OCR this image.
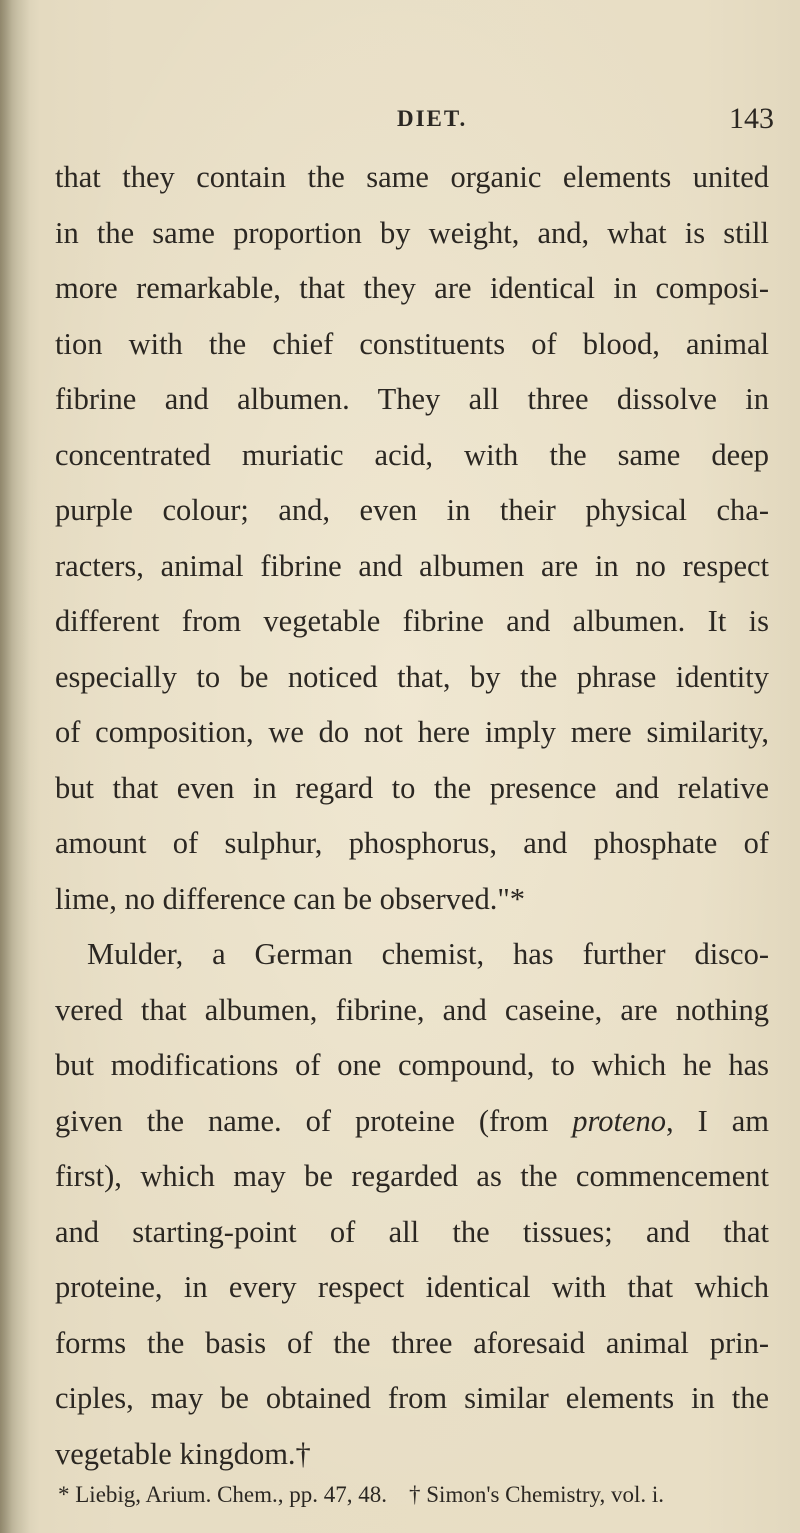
DIET.	143
that they contain the same organic elements united
in the same proportion by weight, and, what is still
more remarkable, that they are identical in composi-
tion with the chief constituents of blood, animal
fibrine and albumen. They all three dissolve in
concentrated muriatic acid, with the same deep
purple colour; and, even in their physical cha-
racters, animal fibrine and albumen are in no respect
different from vegetable fibrine and albumen. It is
especially to be noticed that, by the phrase identity
of composition, we do not here imply mere similarity,
but that even in regard to the presence and relative
amount of sulphur, phosphorus, and phosphate of
lime, no difference can be observed."*
Mulder, a German chemist, has further disco-
vered that albumen, fibrine, and caseine, are nothing
but modifications of one compound, to which he has
given the name. of proteine (from proteno, I am
first), which may be regarded as the commencement
and starting-point of all the tissues; and that
proteine, in every respect identical with that which
forms the basis of the three aforesaid animal prin-
ciples, may be obtained from similar elements in the
vegetable kingdom.†
* Liebig, Arium. Chem., pp. 47, 48. † Simon's Chemistry, vol. i.
